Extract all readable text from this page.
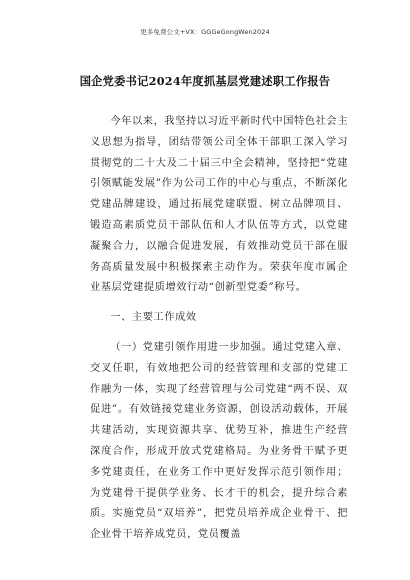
更多免费公文+VX：GGGeGongWen2024
国企党委书记2024年度抓基层党建述职工作报告

今年以来，我坚持以习近平新时代中国特色社会主义思想为指导，团结带领公司全体干部职工深入学习贯彻党的二十大及二十届三中全会精神，坚持把“党建引领赋能发展”作为公司工作的中心与重点，不断深化党建品牌建设，通过拓展党建联盟、树立品牌项目、锻造高素质党员干部队伍和人才队伍等方式，以党建凝聚合力，以融合促进发展，有效推动党员干部在服务高质量发展中积极探索主动作为。荣获年度市属企业基层党建提质增效行动“创新型党委”称号。

一、主要工作成效

（一）党建引领作用进一步加强。通过党建入章、交叉任职，有效地把公司的经营管理和支部的党建工作融为一体，实现了经营管理与公司党建“两不误、双促进”。有效链接党建业务资源，创设活动载体，开展共建活动，实现资源共享、优势互补，推进生产经营深度合作，形成开放式党建格局。为业务骨干赋予更多党建责任，在业务工作中更好发挥示范引领作用；为党建骨干提供学业务、长才干的机会，提升综合素质。实施党员“双培养”，把党员培养成企业骨干、把企业骨干培养成党员，党员覆盖
